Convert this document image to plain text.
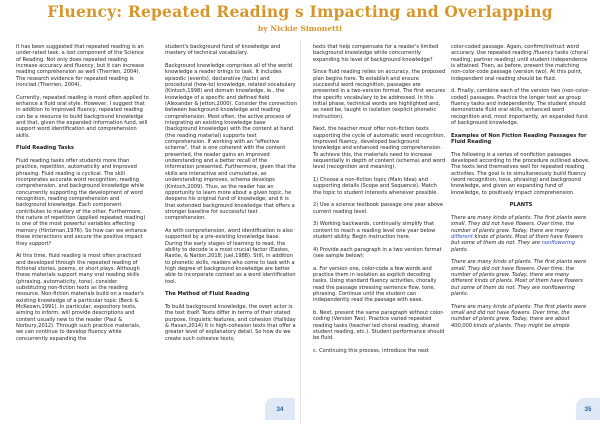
Fluency: Repeated Reading s Impacting and Overlapping
by Nickie Simonetti

It has been suggested that repeated reading is an under-rated task, a lost component of the Science of Reading. Not only does repeated reading increase accuracy and fluency, but it can increase reading comprehension as well (Therrien, 2004). The research evidence for repeated reading is ironclad (Therrien, 2004).

Currently, repeated reading is most often applied to enhance a fluid oral style. However, I suggest that in addition to improved fluency, repeated reading can be a resource to build background knowledge and that, given the expanded information fund, will support word identification and comprehension skills.

Fluid Reading Tasks

Fluid reading tasks offer students more than practice, repetition, automaticity and improved phrasing. Fluid reading is cyclical. The skill incorporates accurate word recognition, reading comprehension, and background knowledge while concurrently supporting the development of word recognition, reading comprehension and background knowledge. Each component contributes to mastery of the other. Furthermore, the nature of repetition (applied repeated reading) is one of the most powerful variables affecting memory (Hintzman,1976). So how can we enhance these interactions and secure the positive impact they support?

At this time, fluid reading is most often practiced and developed through the repeated reading of fictional stories, poems, or short plays. Although these materials support many oral reading skills (phrasing, automaticity, tone), consider substituting non-fiction texts as the reading resource. Non-fiction materials build on a reader's existing knowledge of a particular topic (Beck & McKeown,1991). In particular, expository texts, aiming to inform, will provide descriptions and content usually new to the reader (Paul & Norbury,2012). Through such practice materials, we can continue to develop fluency while concurrently expanding the

student's background fund of knowledge and mastery of technical vocabulary.

Background knowledge comprises all of the world knowledge a reader brings to task. It includes episodic (events), declarative (facts) and procedural (how-to) knowledge, related vocabulary (Kintsch,1998) and domain knowledge, ie., the knowledge of a specific and defined field (Alexander & Jetton,2000). Consider the connection between background knowledge and reading comprehension. Most often, the active process of integrating an existing knowledge base (background knowledge) with the content at hand (the reading material) supports text comprehension. If working with an "effective schema", that is one coherent with the content presented, the reader gains an improved understanding and a better recall of the information presented. Furthermore, given that the skills are interactive and cumulative, as understanding improves, schema develops (Kintsch,2009). Thus, as the reader has an opportunity to learn more about a given topic, he deepens his original fund of knowledge; and it is that extended background knowledge that offers a stronger baseline for successful text comprehension.

As with comprehension, word identification is also supported by a pre-existing knowledge base. During the early stages of learning to read, the ability to decode is a most crucial factor (Eastes, Rastle, & Nation,2018; Juel,1988). Still, in addition to phonetic skills, readers who come to task with a high degree of background knowledge are better able to incorporate context as a word identification tool.

The Method of Fluid Reading

To build background knowledge, the overt actor is the text itself. Texts differ in terms of their stated purpose, linguistic features, and cohesion (Halliday & Hasan,2014) It is high-cohesion texts that offer a greater level of explanatory detail. So how do we create such cohesive texts;

texts that help compensate for a reader's limited background knowledge while concurrently expanding his level of background knowledge?

Since fluid reading relies on accuracy, the proposed plan begins here. To establish and ensure successful word recognition, passages are presented in a two-version format. The first secures the specific vocabulary to be addressed. In this initial phase, technical words are highlighted and, as need be, taught in isolation (explicit phonetic instruction).

Next, the teacher must offer non-fiction texts supporting the cycle of automatic word recognition, improved fluency, developed background knowledge and enhanced reading comprehension. To achieve this, the materials need to increase sequentially in depth of content (schema) and word level (recognition and meaning).

1) Choose a non-fiction topic (Main Idea) and supporting details (Scope and Sequence). Match the topic to student interests whenever possible.

2) Use a science textbook passage one year above current reading level.

3) Working backwards, continually simplify that content to reach a reading level one year below student ability. Begin instruction here.

4) Provide each paragraph in a two version format (see sample below):

a. For version one, color-code a few words and practice them in isolation as explicit decoding tasks. Using standard fluency activities, chorally read the passage stressing sentence flow, tone, phrasing. Continue until the student can independently read the passage with ease.

b. Next, present the same paragraph without color-coding (Version Two). Practice varied repeated reading tasks (teacher led choral reading, shared student reading, etc.). Student performance should be fluid.

c. Continuing this process, introduce the next

color-coded passage. Again, confirm/instruct word accuracy. Use repeated reading /fluency tasks (choral reading; partner reading) until student independence is attained. Then, as before, present the matching non-color-code passage (version two). At this point, independent oral reading should be fluid.

d. Finally, combine each of the version two (non-color-coded) passages. Practice the longer text as group fluency tasks and independently. The student should demonstrate fluid oral skills, enhanced word recognition and, most importantly, an expanded fund of background knowledge.

Examples of Non Fiction Reading Passages for Fluid Reading

The following is a series of nonfiction passages developed according to the procedure outlined above. The texts lend themselves well for repeated reading activities. The goal is to simultaneously build fluency (word recognition, tone, phrasing) and background knowledge, and given an expanding fund of knowledge, to positively impact comprehension.

PLANTS

There are many kinds of plants. The first plants were small. They did not have flowers. Over time, the number of plants grew. Today, there are many different kinds of plants. Most of them have flowers but some of them do not. They are nonflowering plants.

There are many kinds of plants. The first plants were small. They did not have flowers. Over time, the number of plants grew. Today, there are many different kinds of plants. Most of them have flowers but some of them do not. They are nonflowering plants.

There are many kinds of plants. The first plants were small and did not have flowers. Over time, the number of plants grew. Today, there are about 400,000 kinds of plants. They might be simple

34	35
